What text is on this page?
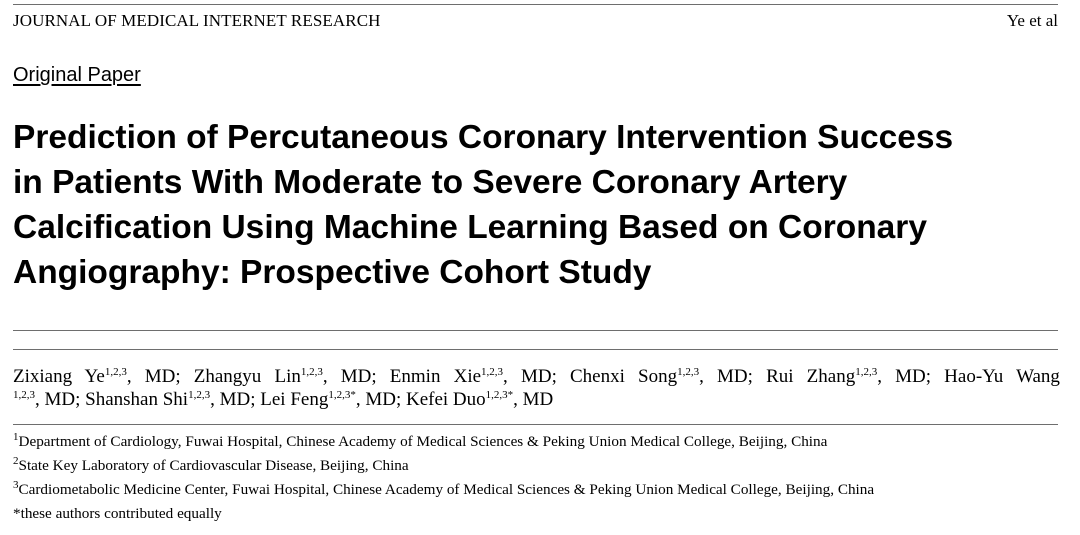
JOURNAL OF MEDICAL INTERNET RESEARCH	Ye et al
Original Paper
Prediction of Percutaneous Coronary Intervention Success
in Patients With Moderate to Severe Coronary Artery
Calcification Using Machine Learning Based on Coronary
Angiography: Prospective Cohort Study
Zixiang Ye$^{1,2,3}$, MD; Zhangyu Lin$^{1,2,3}$, MD; Enmin Xie$^{1,2,3}$, MD; Chenxi Song$^{1,2,3}$, MD; Rui Zhang$^{1,2,3}$, MD; Hao-Yu Wang
$^{1,2,3}$, MD; Shanshan Shi$^{1,2,3}$, MD; Lei Feng$^{1,2,3*}$, MD; Kefei Duo$^{1,2,3*}$, MD
$^1$Department of Cardiology, Fuwai Hospital, Chinese Academy of Medical Sciences & Peking Union Medical College, Beijing, China
$^2$State Key Laboratory of Cardiovascular Disease, Beijing, China
$^3$Cardiometabolic Medicine Center, Fuwai Hospital, Chinese Academy of Medical Sciences & Peking Union Medical College, Beijing, China
*these authors contributed equally
